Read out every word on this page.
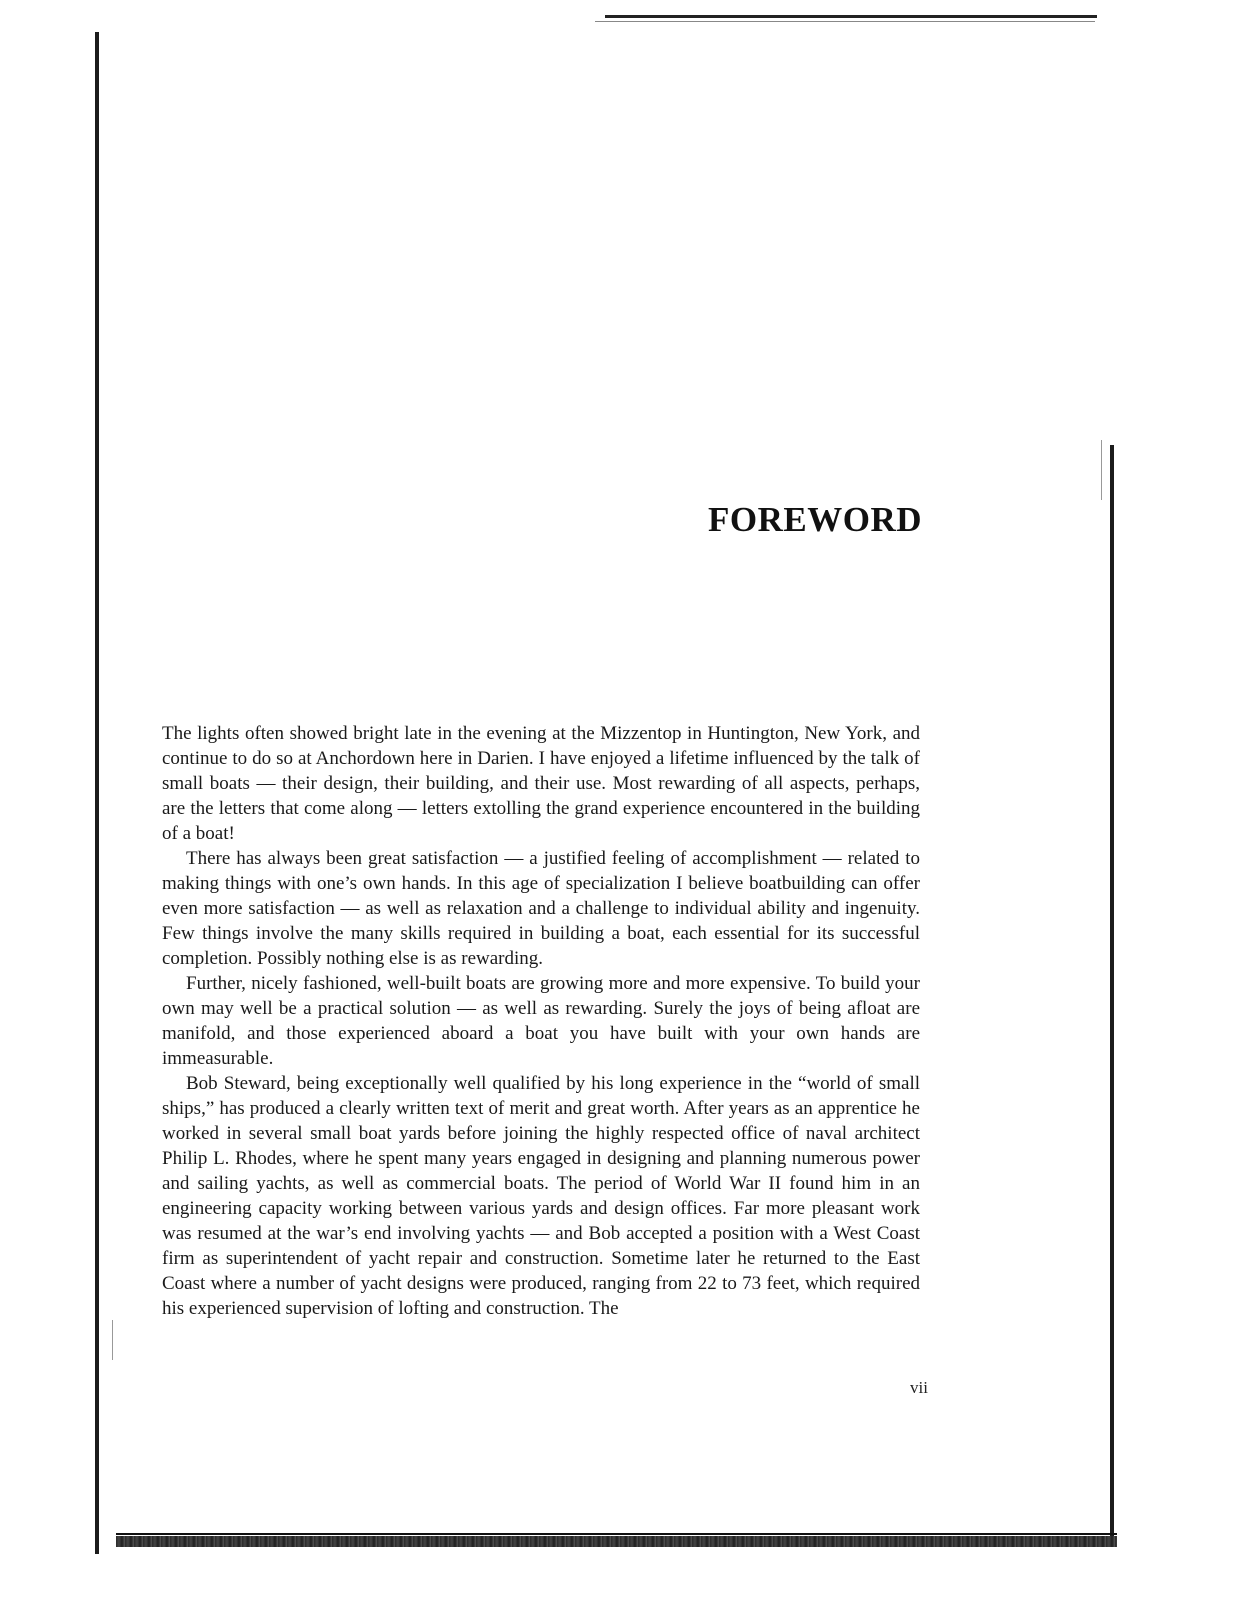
FOREWORD

The lights often showed bright late in the evening at the Mizzentop in Huntington, New York, and continue to do so at Anchordown here in Darien. I have enjoyed a lifetime influenced by the talk of small boats — their design, their building, and their use. Most rewarding of all aspects, perhaps, are the letters that come along — letters extolling the grand experience encountered in the building of a boat!

There has always been great satisfaction — a justified feeling of accomplishment — related to making things with one’s own hands. In this age of specialization I believe boatbuilding can offer even more satisfaction — as well as relaxation and a challenge to individual ability and ingenuity. Few things involve the many skills required in building a boat, each essential for its successful completion. Possibly nothing else is as rewarding.

Further, nicely fashioned, well-built boats are growing more and more expensive. To build your own may well be a practical solution — as well as rewarding. Surely the joys of being afloat are manifold, and those experienced aboard a boat you have built with your own hands are immeasurable.

Bob Steward, being exceptionally well qualified by his long experience in the “world of small ships,” has produced a clearly written text of merit and great worth. After years as an apprentice he worked in several small boat yards before joining the highly respected office of naval architect Philip L. Rhodes, where he spent many years engaged in designing and planning numerous power and sailing yachts, as well as commercial boats. The period of World War II found him in an engineering capacity working between various yards and design offices. Far more pleasant work was resumed at the war’s end involving yachts — and Bob accepted a position with a West Coast firm as superintendent of yacht repair and construction. Sometime later he returned to the East Coast where a number of yacht designs were produced, ranging from 22 to 73 feet, which required his experienced supervision of lofting and construction. The

vii
